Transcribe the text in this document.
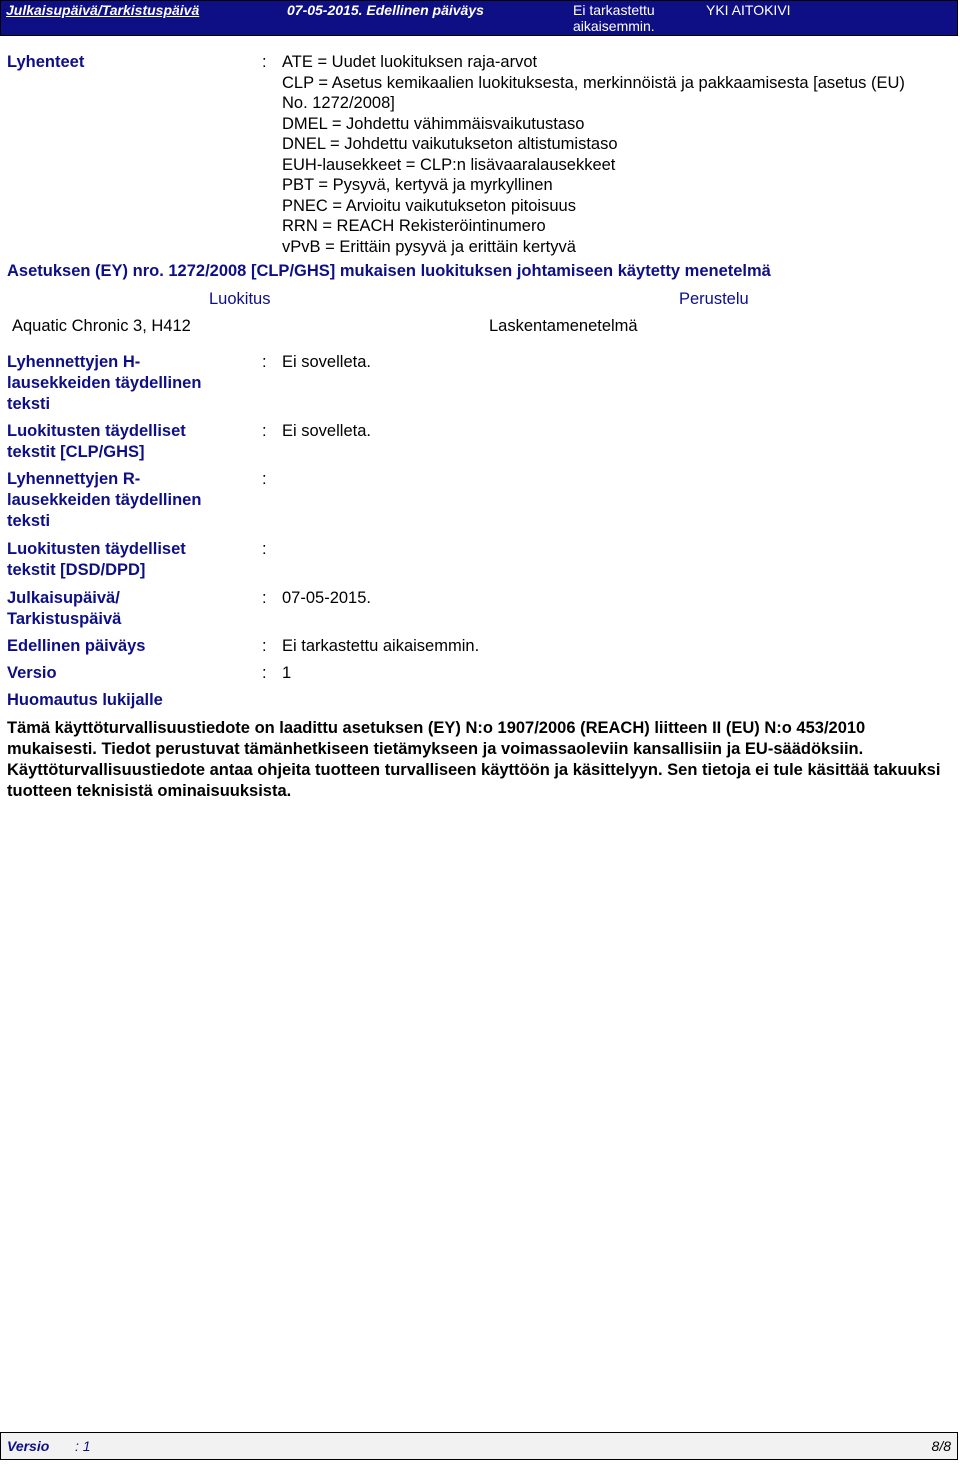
Julkaisupäivä/Tarkistuspäivä	07-05-2015. Edellinen päiväys	Ei tarkastettu aikaisemmin.
YKI AITOKIVI
Lyhenteet	: ATE = Uudet luokituksen raja-arvot
CLP = Asetus kemikaalien luokituksesta, merkinnöistä ja pakkaamisesta [asetus (EU) No. 1272/2008]
DMEL = Johdettu vähimmäisvaikutustaso
DNEL = Johdettu vaikutukseton altistumistaso
EUH-lausekkeet = CLP:n lisävaaralausekkeet
PBT = Pysyvä, kertyvä ja myrkyllinen
PNEC = Arvioitu vaikutukseton pitoisuus
RRN = REACH Rekisteröintinumero
vPvB = Erittäin pysyvä ja erittäin kertyvä
Asetuksen (EY) nro. 1272/2008 [CLP/GHS] mukaisen luokituksen johtamiseen käytetty menetelmä
Luokitus	Perustelu
Aquatic Chronic 3, H412	Laskentamenetelmä
Lyhennettyjen H-lausekkeiden täydellinen teksti
: Ei sovelleta.
Luokitusten täydelliset tekstit [CLP/GHS]
: Ei sovelleta.
Lyhennettyjen R-lausekkeiden täydellinen teksti
:
Luokitusten täydelliset tekstit [DSD/DPD]
:
Julkaisupäivä/ Tarkistuspäivä
: 07-05-2015.
Edellinen päiväys	: Ei tarkastettu aikaisemmin.
Versio	: 1
Huomautus lukijalle
Tämä käyttöturvallisuustiedote on laadittu asetuksen (EY) N:o 1907/2006 (REACH) liitteen II (EU) N:o 453/2010 mukaisesti. Tiedot perustuvat tämänhetkiseen tietämykseen ja voimassaoleviin kansallisiin ja EU-säädöksiin. Käyttöturvallisuustiedote antaa ohjeita tuotteen turvalliseen käyttöön ja käsittelyyn. Sen tietoja ei tule käsittää takuuksi tuotteen teknisistä ominaisuuksista.
Versio : 1	8/8
